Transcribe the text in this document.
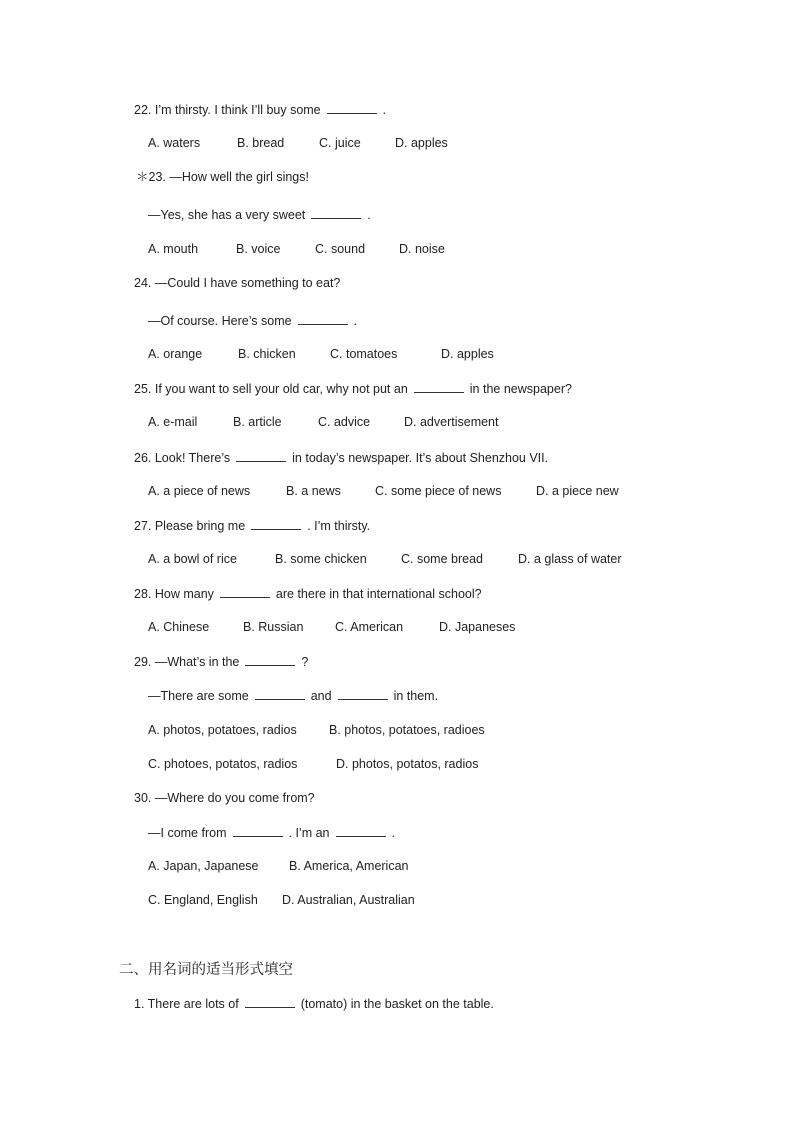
22. I’m thirsty. I think I’ll buy some	.
A. waters	B. bread	C. juice	D. apples
＊23. —How well the girl sings!
—Yes, she has a very sweet	.
A. mouth	B. voice	C. sound	D. noise
24. —Could I have something to eat?
—Of course. Here’s some	.
A. orange	B. chicken	C. tomatoes	D. apples
25. If you want to sell your old car, why not put an	in the newspaper?
A. e-mail	B. article	C. advice	D. advertisement
26. Look! There’s	in today’s newspaper. It’s about Shenzhou VII.
A. a piece of news	B. a news	C. some piece of news	D. a piece new
27. Please bring me	. I’m thirsty.
A. a bowl of rice	B. some chicken	C. some bread	D. a glass of water
28. How many	are there in that international school?
A. Chinese	B. Russian	C. American	D. Japaneses
29. —What’s in the	?
—There are some	and	in them.
A. photos, potatoes, radios	B. photos, potatoes, radioes
C. photoes, potatos, radios	D. photos, potatos, radios
30. —Where do you come from?
—I come from	. I’m an	.
A. Japan, Japanese B. America, American
C. England, English D. Australian, Australian
二、用名词的适当形式填空
1. There are lots of	(tomato) in the basket on the table.
